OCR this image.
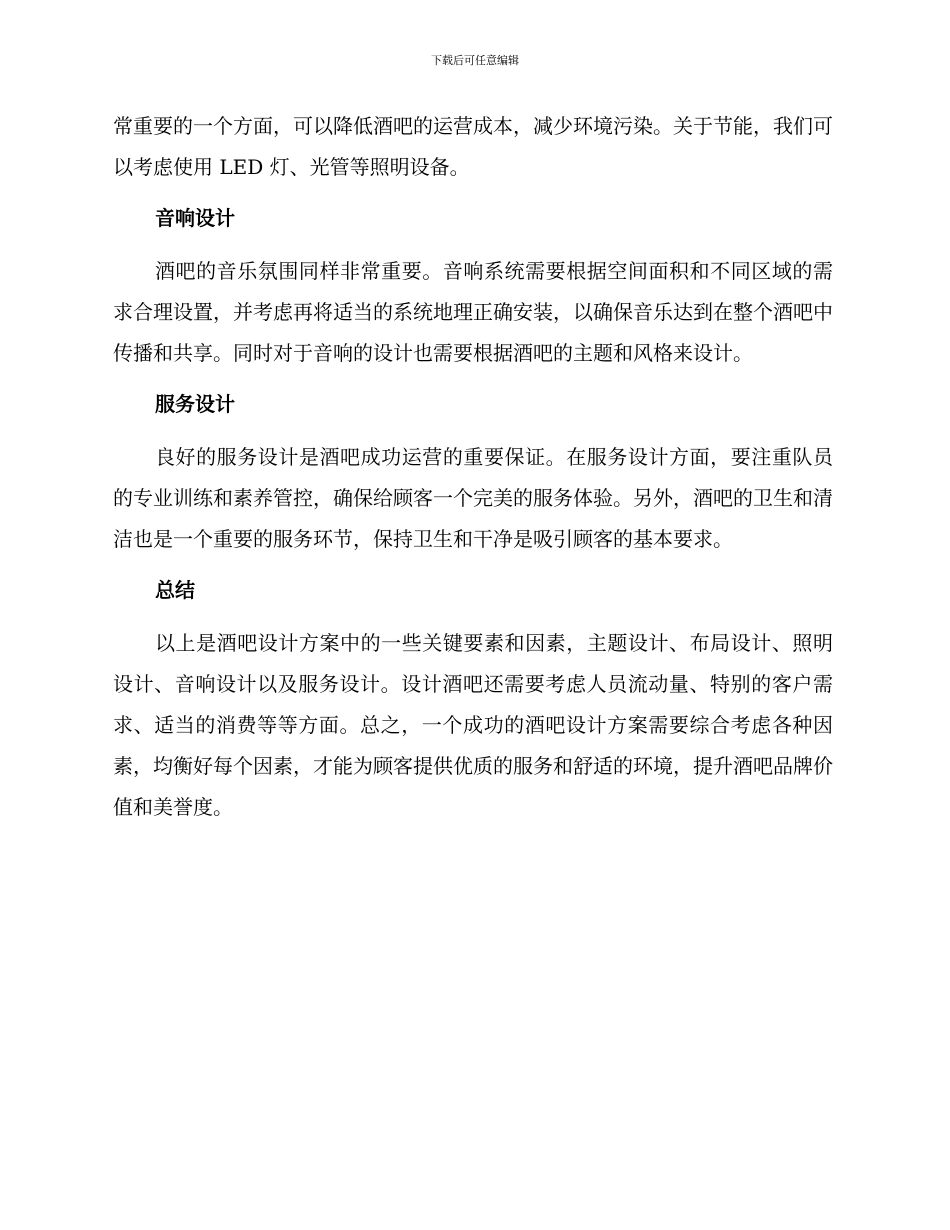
下载后可任意编辑

常重要的一个方面，可以降低酒吧的运营成本，减少环境污染。关于节能，我们可以考虑使用 LED 灯、光管等照明设备。

音响设计

酒吧的音乐氛围同样非常重要。音响系统需要根据空间面积和不同区域的需求合理设置，并考虑再将适当的系统地理正确安装，以确保音乐达到在整个酒吧中传播和共享。同时对于音响的设计也需要根据酒吧的主题和风格来设计。

服务设计

良好的服务设计是酒吧成功运营的重要保证。在服务设计方面，要注重队员的专业训练和素养管控，确保给顾客一个完美的服务体验。另外，酒吧的卫生和清洁也是一个重要的服务环节，保持卫生和干净是吸引顾客的基本要求。

总结

以上是酒吧设计方案中的一些关键要素和因素，主题设计、布局设计、照明设计、音响设计以及服务设计。设计酒吧还需要考虑人员流动量、特别的客户需求、适当的消费等等方面。总之，一个成功的酒吧设计方案需要综合考虑各种因素，均衡好每个因素，才能为顾客提供优质的服务和舒适的环境，提升酒吧品牌价值和美誉度。
